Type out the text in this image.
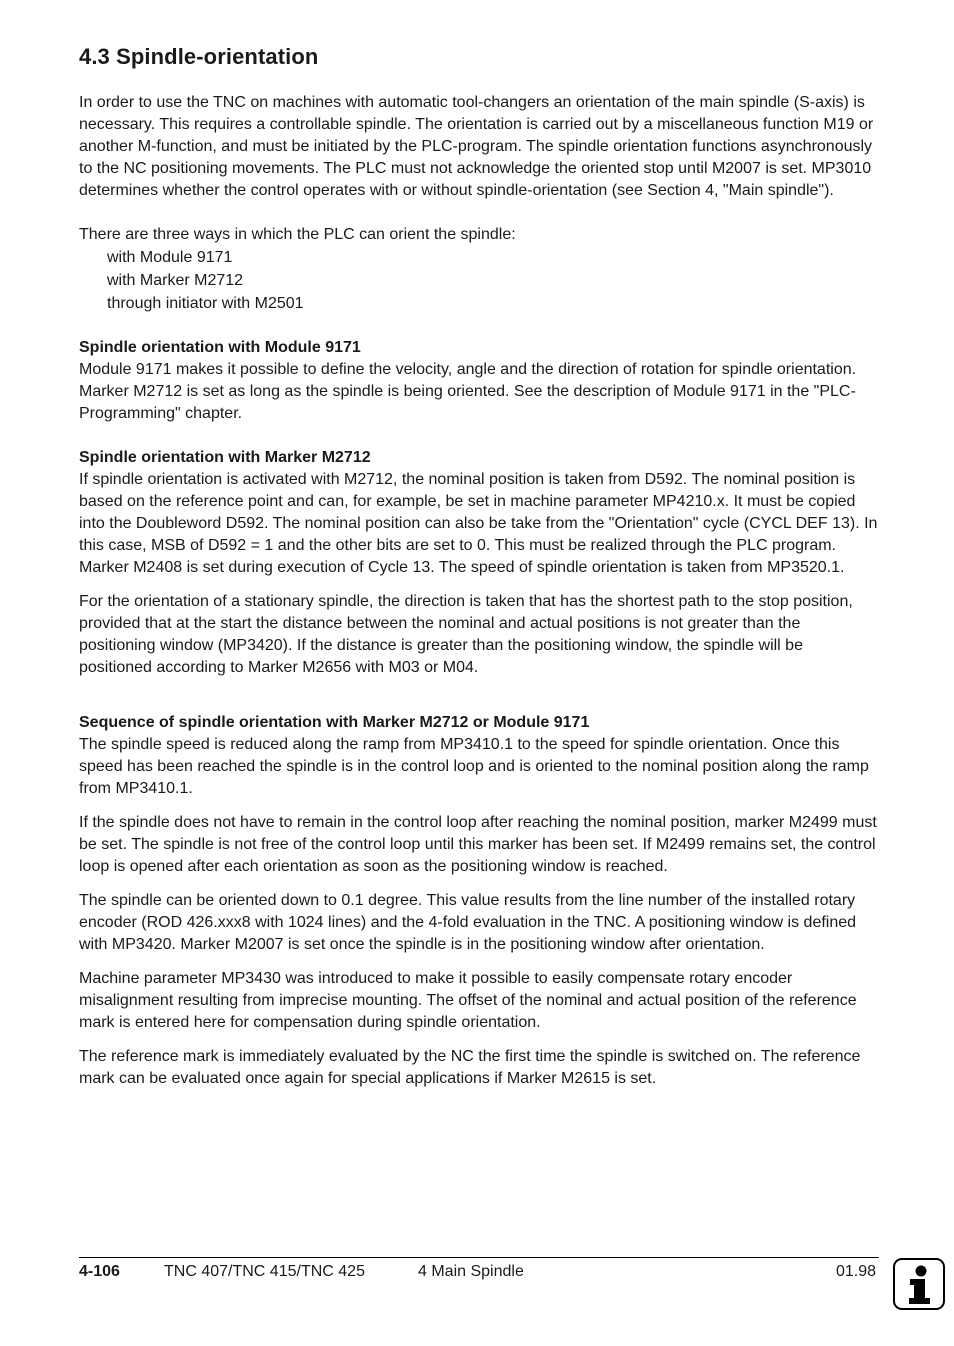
4.3 Spindle-orientation

In order to use the TNC on machines with automatic tool-changers an orientation of the main spindle (S-axis) is necessary. This requires a controllable spindle. The orientation is carried out by a miscellaneous function M19 or another M-function, and must be initiated by the PLC-program. The spindle orientation functions asynchronously to the NC positioning movements. The PLC must not acknowledge the oriented stop until M2007 is set. MP3010 determines whether the control operates with or without spindle-orientation (see Section 4, "Main spindle").

There are three ways in which the PLC can orient the spindle:

with Module 9171
with Marker M2712
through initiator with M2501
Spindle orientation with Module 9171

Module 9171 makes it possible to define the velocity, angle and the direction of rotation for spindle orientation. Marker M2712 is set as long as the spindle is being oriented. See the description of Module 9171 in the "PLC-Programming" chapter.

Spindle orientation with Marker M2712

If spindle orientation is activated with M2712, the nominal position is taken from D592. The nominal position is based on the reference point and can, for example, be set in machine parameter MP4210.x. It must be copied into the Doubleword D592. The nominal position can also be take from the "Orientation" cycle (CYCL DEF 13). In this case, MSB of D592 = 1 and the other bits are set to 0. This must be realized through the PLC program. Marker M2408 is set during execution of Cycle 13. The speed of spindle orientation is taken from MP3520.1.

For the orientation of a stationary spindle, the direction is taken that has the shortest path to the stop position, provided that at the start the distance between the nominal and actual positions is not greater than the positioning window (MP3420). If the distance is greater than the positioning window, the spindle will be positioned according to Marker M2656 with M03 or M04.

Sequence of spindle orientation with Marker M2712 or Module 9171

The spindle speed is reduced along the ramp from MP3410.1 to the speed for spindle orientation. Once this speed has been reached the spindle is in the control loop and is oriented to the nominal position along the ramp from MP3410.1.

If the spindle does not have to remain in the control loop after reaching the nominal position, marker M2499 must be set. The spindle is not free of the control loop until this marker has been set. If M2499 remains set, the control loop is opened after each orientation as soon as the positioning window is reached.

The spindle can be oriented down to 0.1 degree. This value results from the line number of the installed rotary encoder (ROD 426.xxx8 with 1024 lines) and the 4-fold evaluation in the TNC. A positioning window is defined with MP3420. Marker M2007 is set once the spindle is in the positioning window after orientation.

Machine parameter MP3430 was introduced to make it possible to easily compensate rotary encoder misalignment resulting from imprecise mounting. The offset of the nominal and actual position of the reference mark is entered here for compensation during spindle orientation.

The reference mark is immediately evaluated by the NC the first time the spindle is switched on. The reference mark can be evaluated once again for special applications if Marker M2615 is set.

4-106	TNC 407/TNC 415/TNC 425	4 Main Spindle	01.98
